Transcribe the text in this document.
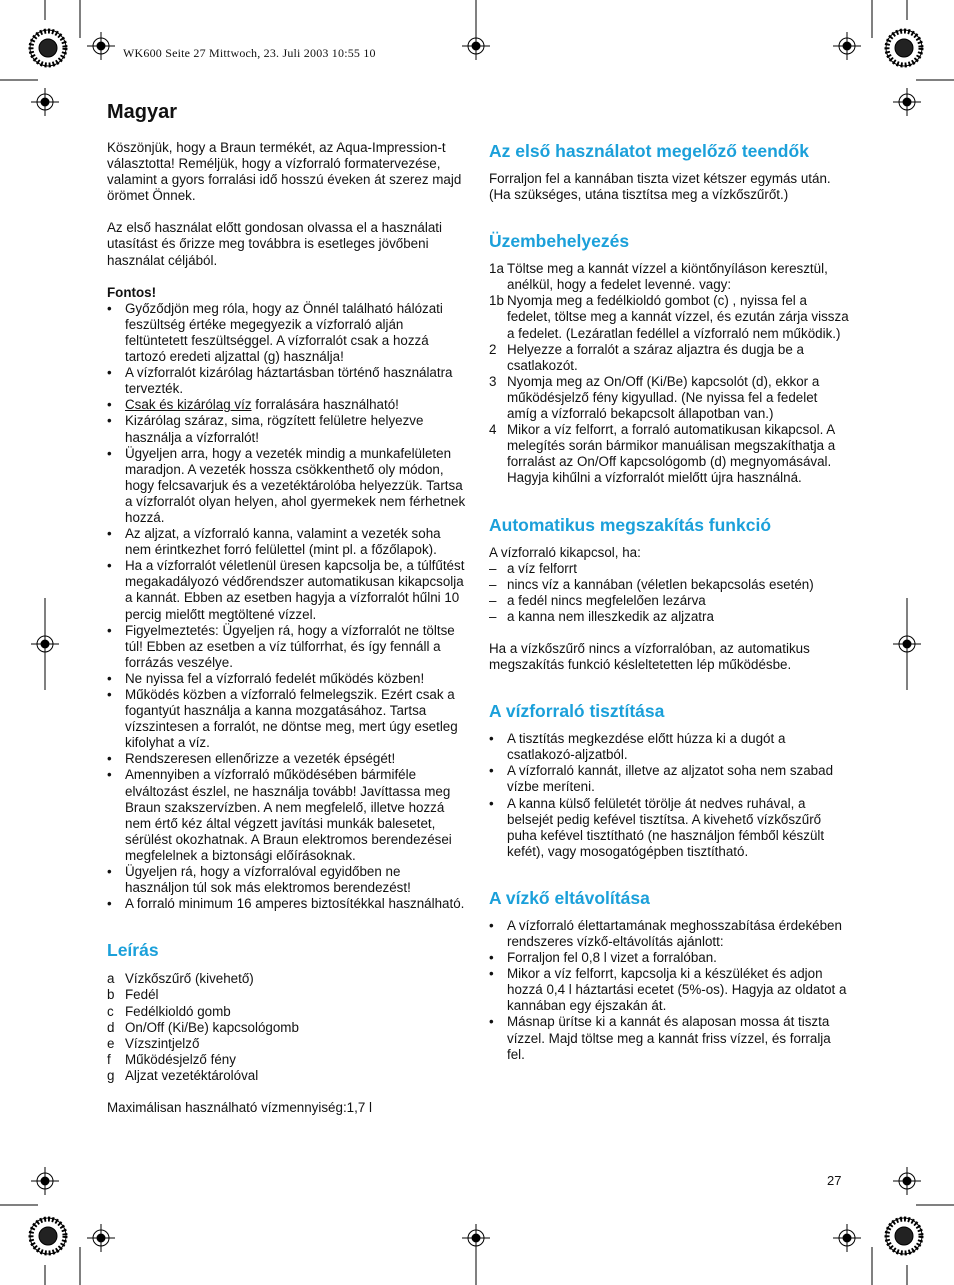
WK600 Seite 27 Mittwoch, 23. Juli 2003 10:55 10
Magyar

Köszönjük, hogy a Braun termékét, az Aqua-Impression-t választotta! Reméljük, hogy a vízforraló formatervezése, valamint a gyors forralási idő hosszú éveken át szerez majd örömet Önnek.

Az első használat előtt gondosan olvassa el a használati utasítást és őrizze meg továbbra is esetleges jövőbeni használat céljából.

Fontos!

• Győződjön meg róla, hogy az Önnél található hálózati feszültség értéke megegyezik a vízforraló alján feltüntetett feszültséggel. A vízforralót csak a hozzá tartozó eredeti aljzattal (g) használja!
• A vízforralót kizárólag háztartásban történő használatra tervezték.
• Csak és kizárólag víz forralására használható!
• Kizárólag száraz, sima, rögzített felületre helyezve használja a vízforralót!
• Ügyeljen arra, hogy a vezeték mindig a munkafelületen maradjon. A vezeték hossza csökkenthető oly módon, hogy felcsavarjuk és a vezetéktárolóba helyezzük. Tartsa a vízforralót olyan helyen, ahol gyermekek nem férhetnek hozzá.
• Az aljzat, a vízforraló kanna, valamint a vezeték soha nem érintkezhet forró felülettel (mint pl. a főzőlapok).
• Ha a vízforralót véletlenül üresen kapcsolja be, a túlfűtést megakadályozó védőrendszer automatikusan kikapcsolja a kannát. Ebben az esetben hagyja a vízforralót hűlni 10 percig mielőtt megtöltené vízzel.
• Figyelmeztetés: Ügyeljen rá, hogy a vízforralót ne töltse túl! Ebben az esetben a víz túlforrhat, és így fennáll a forrázás veszélye.
• Ne nyissa fel a vízforraló fedelét működés közben!
• Működés közben a vízforraló felmelegszik. Ezért csak a fogantyút használja a kanna mozgatásához. Tartsa vízszintesen a forralót, ne döntse meg, mert úgy esetleg kifolyhat a víz.
• Rendszeresen ellenőrizze a vezeték épségét!
• Amennyiben a vízforraló működésében bármiféle elváltozást észlel, ne használja tovább! Javíttassa meg Braun szakszervízben. A nem megfelelő, illetve hozzá nem értő kéz által végzett javítási munkák balesetet, sérülést okozhatnak. A Braun elektromos berendezései megfelelnek a biztonsági előírásoknak.
• Ügyeljen rá, hogy a vízforralóval egyidőben ne használjon túl sok más elektromos berendezést!
• A forraló minimum 16 amperes biztosítékkal használható.
Leírás
a Vízkőszűrő (kivehető)
b Fedél
c Fedélkioldó gomb
d On/Off (Ki/Be) kapcsológomb
e Vízszintjelző
f	Működésjelző fény
g Aljzat vezetéktárolóval

Maximálisan használható vízmennyiség:1,7 l

Az első használatot megelőző teendők

Forraljon fel a kannában tiszta vizet kétszer egymás után. (Ha szükséges, utána tisztítsa meg a vízkőszűrőt.)

Üzembehelyezés
1a Töltse meg a kannát vízzel a kiöntőnyíláson keresztül, anélkül, hogy a fedelet levenné. vagy:
1b Nyomja meg a fedélkioldó gombot (c) , nyissa fel a fedelet, töltse meg a kannát vízzel, és ezután zárja vissza a fedelet. (Lezáratlan fedéllel a vízforraló nem működik.)
2 Helyezze a forralót a száraz aljaztra és dugja be a csatlakozót.
3 Nyomja meg az On/Off (Ki/Be) kapcsolót (d), ekkor a működésjelző fény kigyullad. (Ne nyissa fel a fedelet amíg a vízforraló bekapcsolt állapotban van.)
4 Mikor a víz felforrt, a forraló automatikusan kikapcsol. A melegítés során bármikor manuálisan megszakíthatja a forralást az On/Off kapcsológomb (d) megnyomásával. Hagyja kihűlni a vízforralót mielőtt újra használná.
Automatikus megszakítás funkció

A vízforraló kikapcsol, ha:

– a víz felforrt
– nincs víz a kannában (véletlen bekapcsolás esetén)
– a fedél nincs megfelelően lezárva
– a kanna nem illeszkedik az aljzatra

Ha a vízkőszűrő nincs a vízforralóban, az automatikus megszakítás funkció késleltetetten lép működésbe.

A vízforraló tisztítása
• A tisztítás megkezdése előtt húzza ki a dugót a csatlakozó-aljzatból.
• A vízforraló kannát, illetve az aljzatot soha nem szabad vízbe meríteni.
• A kanna külső felületét törölje át nedves ruhával, a belsejét pedig kefével tisztítsa. A kivehető vízkőszűrő puha kefével tisztítható (ne használjon fémből készült kefét), vagy mosogatógépben tisztítható.
A vízkő eltávolítása
• A vízforraló élettartamának meghosszabítása érdekében rendszeres vízkő-eltávolítás ajánlott:
• Forraljon fel 0,8 l vizet a forralóban.
• Mikor a víz felforrt, kapcsolja ki a készüléket és adjon hozzá 0,4 l háztartási ecetet (5%-os). Hagyja az oldatot a kannában egy éjszakán át.
• Másnap ürítse ki a kannát és alaposan mossa át tiszta vízzel. Majd töltse meg a kannát friss vízzel, és forralja fel.
27
